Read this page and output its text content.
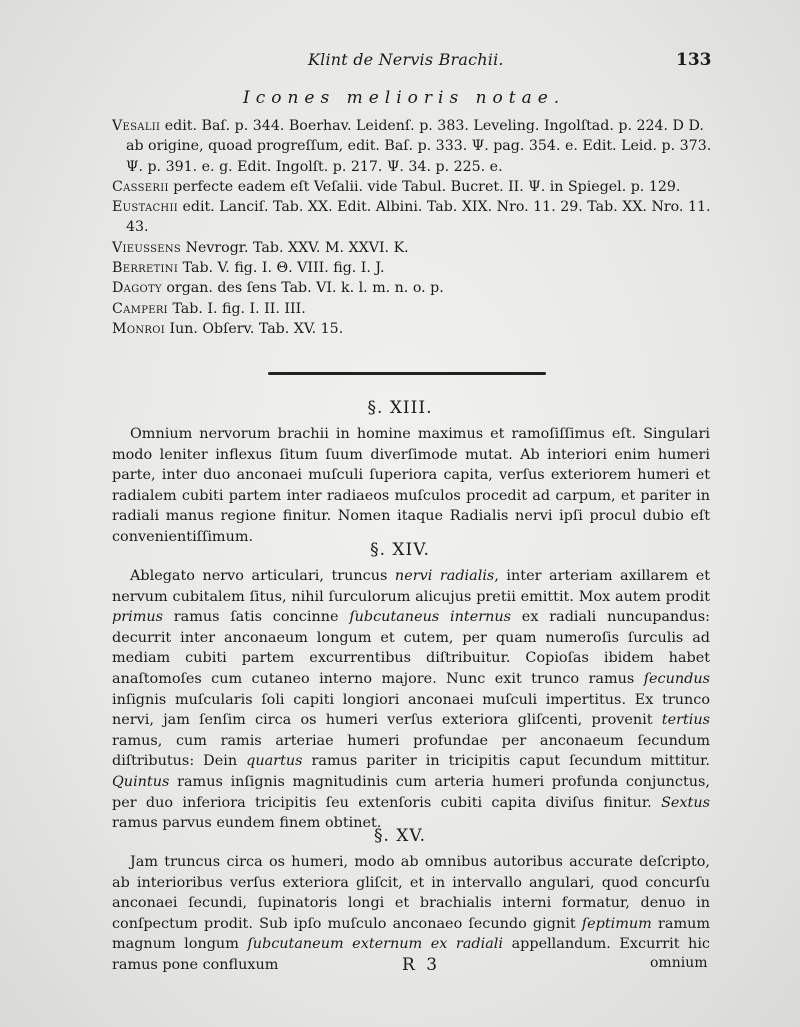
Klint de Nervis Brachii.	133
Icones melioris notae.

Vesalii edit. Baſ. p. 344. Boerhav. Leidenſ. p. 383. Leveling. Ingolſtad. p. 224. D D. ab origine, quoad progreſſum, edit. Baſ. p. 333. Ψ. pag. 354. e. Edit. Leid. p. 373. Ψ. p. 391. e. g. Edit. Ingolſt. p. 217. Ψ. 34. p. 225. e.

Casserii perfecte eadem eſt Veſalii. vide Tabul. Bucret. II. Ψ. in Spiegel. p. 129.

Eustachii edit. Lanciſ. Tab. XX. Edit. Albini. Tab. XIX. Nro. 11. 29. Tab. XX. Nro. 11. 43.

Vieussens Nevrogr. Tab. XXV. M. XXVI. K.

Berretini Tab. V. fig. I. Θ. VIII. fig. I. J.

Dagoty organ. des ſens Tab. VI. k. l. m. n. o. p.

Camperi Tab. I. fig. I. II. III.

Monroi Iun. Obſerv. Tab. XV. 15.

§. XIII.

Omnium nervorum brachii in homine maximus et ramoſiſſimus eſt. Singulari modo leniter inflexus ſitum ſuum diverſimode mutat. Ab interiori enim humeri parte, inter duo anconaei muſculi ſuperiora capita, verſus exteriorem humeri et radialem cubiti partem inter radiaeos muſculos procedit ad carpum, et pariter in radiali manus regione finitur. Nomen itaque Radialis nervi ipſi procul dubio eſt convenientiſſimum.

§. XIV.

Ablegato nervo articulari, truncus nervi radialis, inter arteriam axillarem et nervum cubitalem ſitus, nihil ſurculorum alicujus pretii emittit. Mox autem prodit primus ramus ſatis concinne ſubcutaneus internus ex radiali nuncupandus: decurrit inter anconaeum longum et cutem, per quam numeroſis ſurculis ad mediam cubiti partem excurrentibus diſtribuitur. Copioſas ibidem habet anaſtomoſes cum cutaneo interno majore. Nunc exit trunco ramus ſecundus inſignis muſcularis ſoli capiti longiori anconaei muſculi impertitus. Ex trunco nervi, jam ſenſim circa os humeri verſus exteriora gliſcenti, provenit tertius ramus, cum ramis arteriae humeri profundae per anconaeum ſecundum diſtributus: Dein quartus ramus pariter in tricipitis caput ſecundum mittitur. Quintus ramus inſignis magnitudinis cum arteria humeri profunda conjunctus, per duo inferiora tricipitis ſeu extenſoris cubiti capita diviſus finitur. Sextus ramus parvus eundem finem obtinet.

§. XV.

Jam truncus circa os humeri, modo ab omnibus autoribus accurate deſcripto, ab interioribus verſus exteriora gliſcit, et in intervallo angulari, quod concurſu anconaei ſecundi, ſupinatoris longi et brachialis interni formatur, denuo in conſpectum prodit. Sub ipſo muſculo anconaeo ſecundo gignit ſeptimum ramum magnum longum ſubcutaneum externum ex radiali appellandum. Excurrit hic ramus pone confluxum	R 3	omnium
